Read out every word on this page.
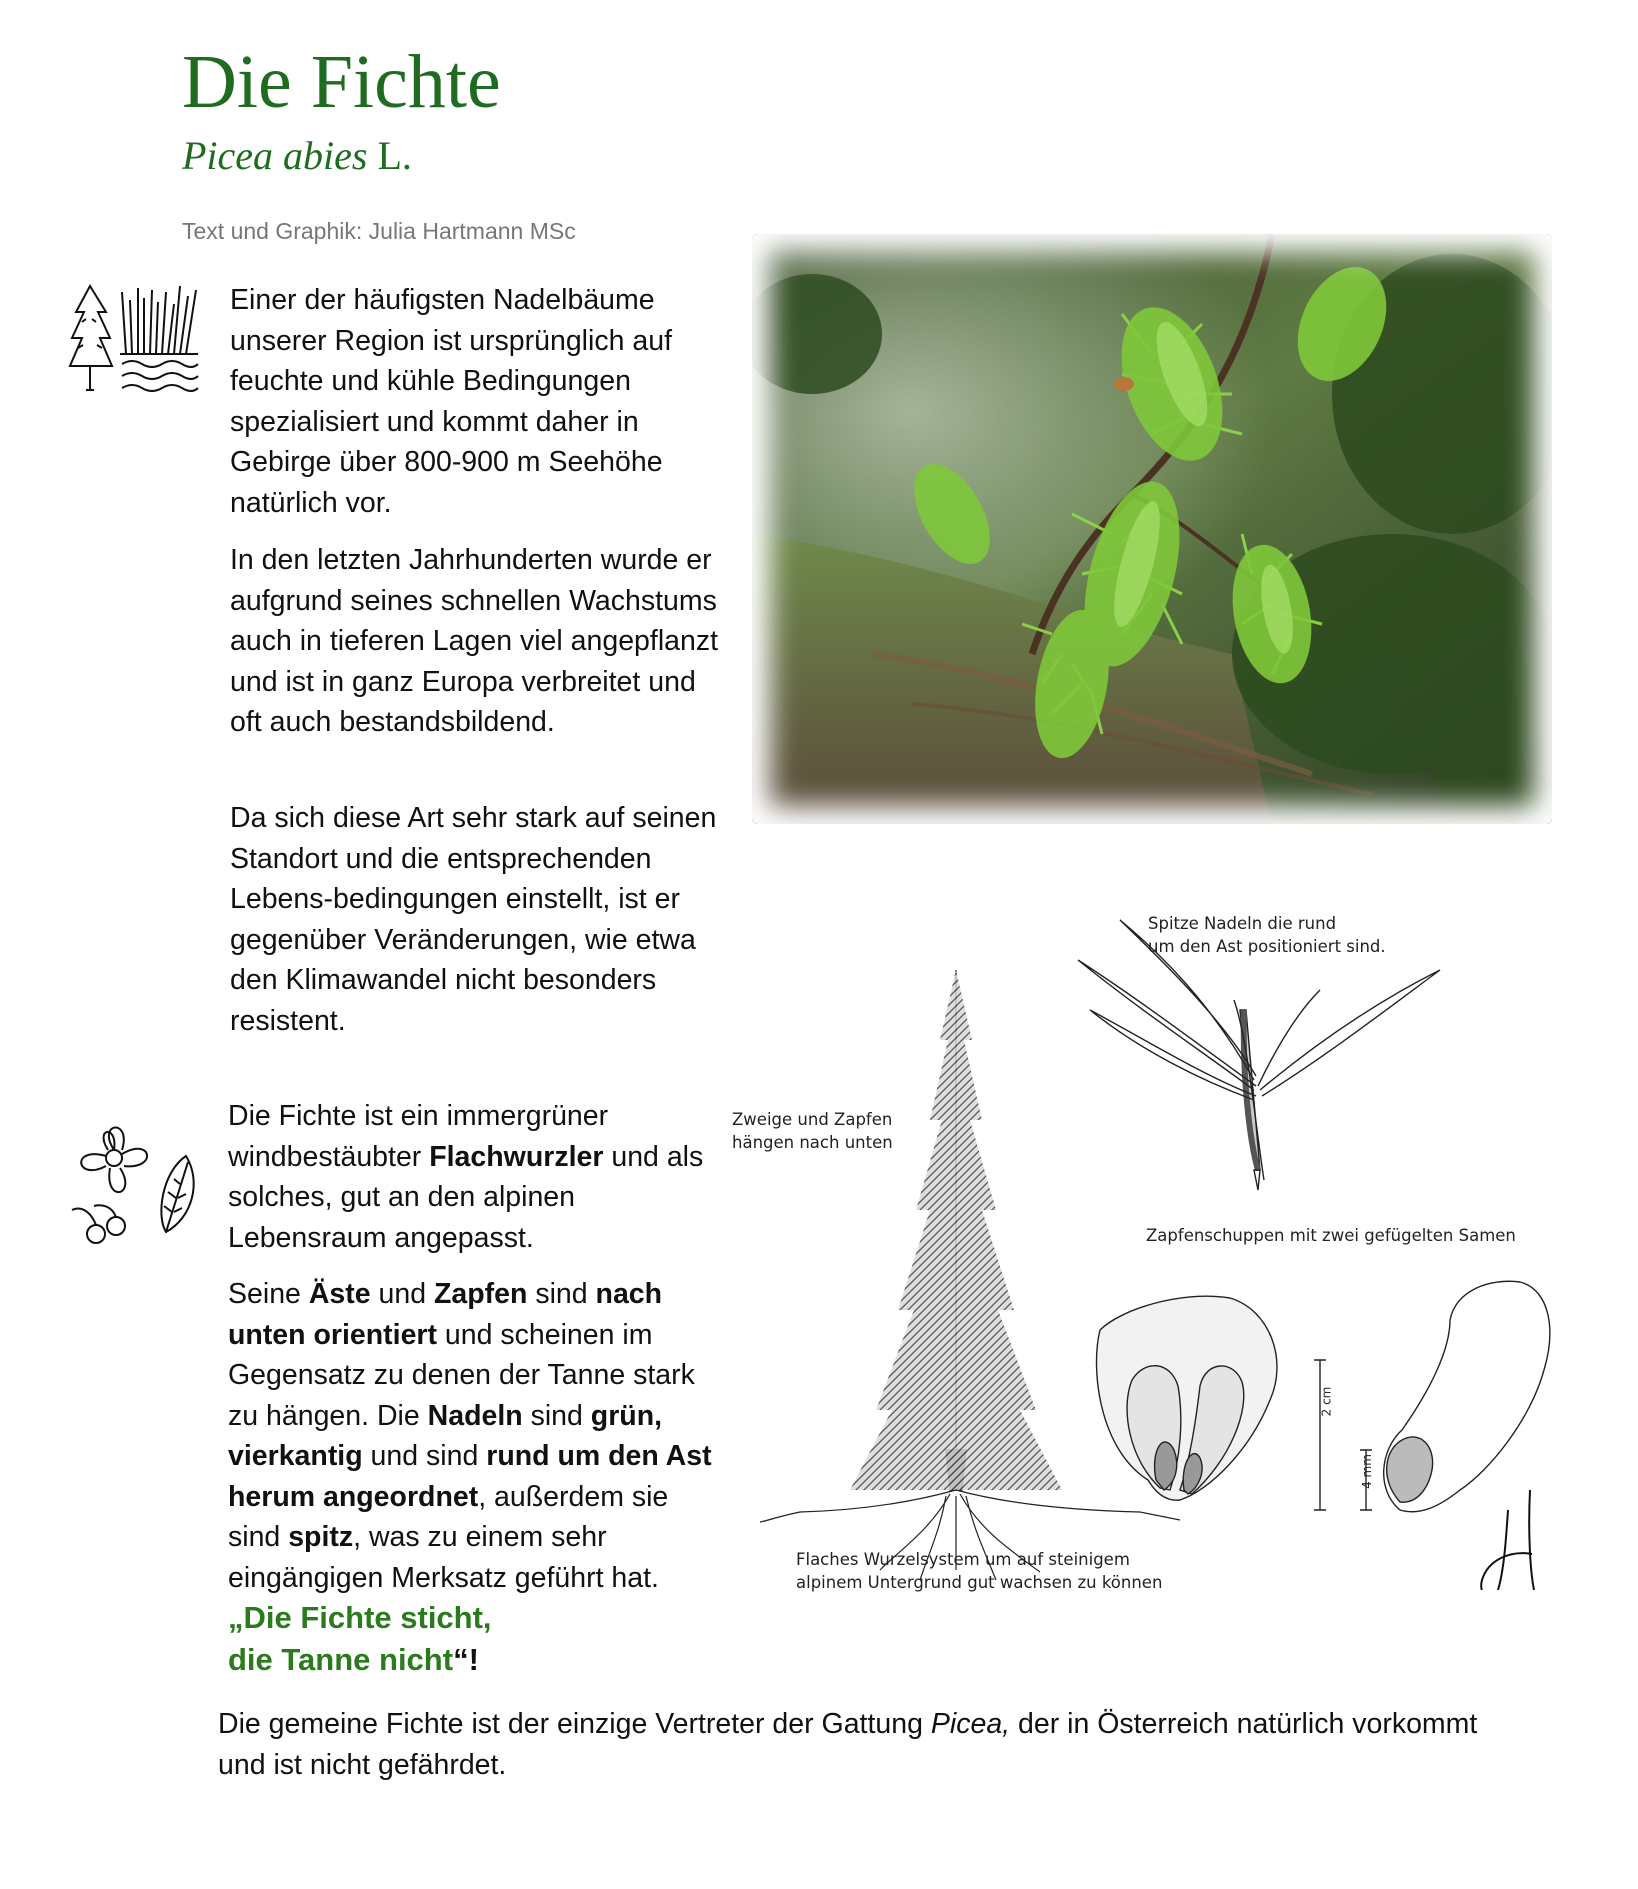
Die Fichte
Picea abies L.
Text und Graphik: Julia Hartmann MSc

Einer der häufigsten Nadelbäume unserer Region ist ursprünglich auf feuchte und kühle Bedingungen spezialisiert und kommt daher in Gebirge über 800-900 m Seehöhe natürlich vor.

In den letzten Jahrhunderten wurde er aufgrund seines schnellen Wachstums auch in tieferen Lagen viel angepflanzt und ist in ganz Europa verbreitet und oft auch bestandsbildend.

Da sich diese Art sehr stark auf seinen Standort und die entsprechenden Lebens-bedingungen einstellt, ist er gegenüber Veränderungen, wie etwa den Klimawandel nicht besonders resistent.

Die Fichte ist ein immergrüner windbestäubter Flachwurzler und als solches, gut an den alpinen Lebensraum angepasst.

Seine Äste und Zapfen sind nach unten orientiert und scheinen im Gegensatz zu denen der Tanne stark zu hängen. Die Nadeln sind grün, vierkantig und sind rund um den Ast herum angeordnet, außerdem sie sind spitz, was zu einem sehr eingängigen Merksatz geführt hat. „Die Fichte sticht,
die Tanne nicht“!

Spitze Nadeln die rund
um den Ast positioniert sind.
Zweige und Zapfen
hängen nach unten
Zapfenschuppen mit zwei gefügelten Samen
Flaches Wurzelsystem um auf steinigem
alpinem Untergrund gut wachsen zu können
2 cm
4 mm

Die gemeine Fichte ist der einzige Vertreter der Gattung Picea, der in Österreich natürlich vorkommt und ist nicht gefährdet.
